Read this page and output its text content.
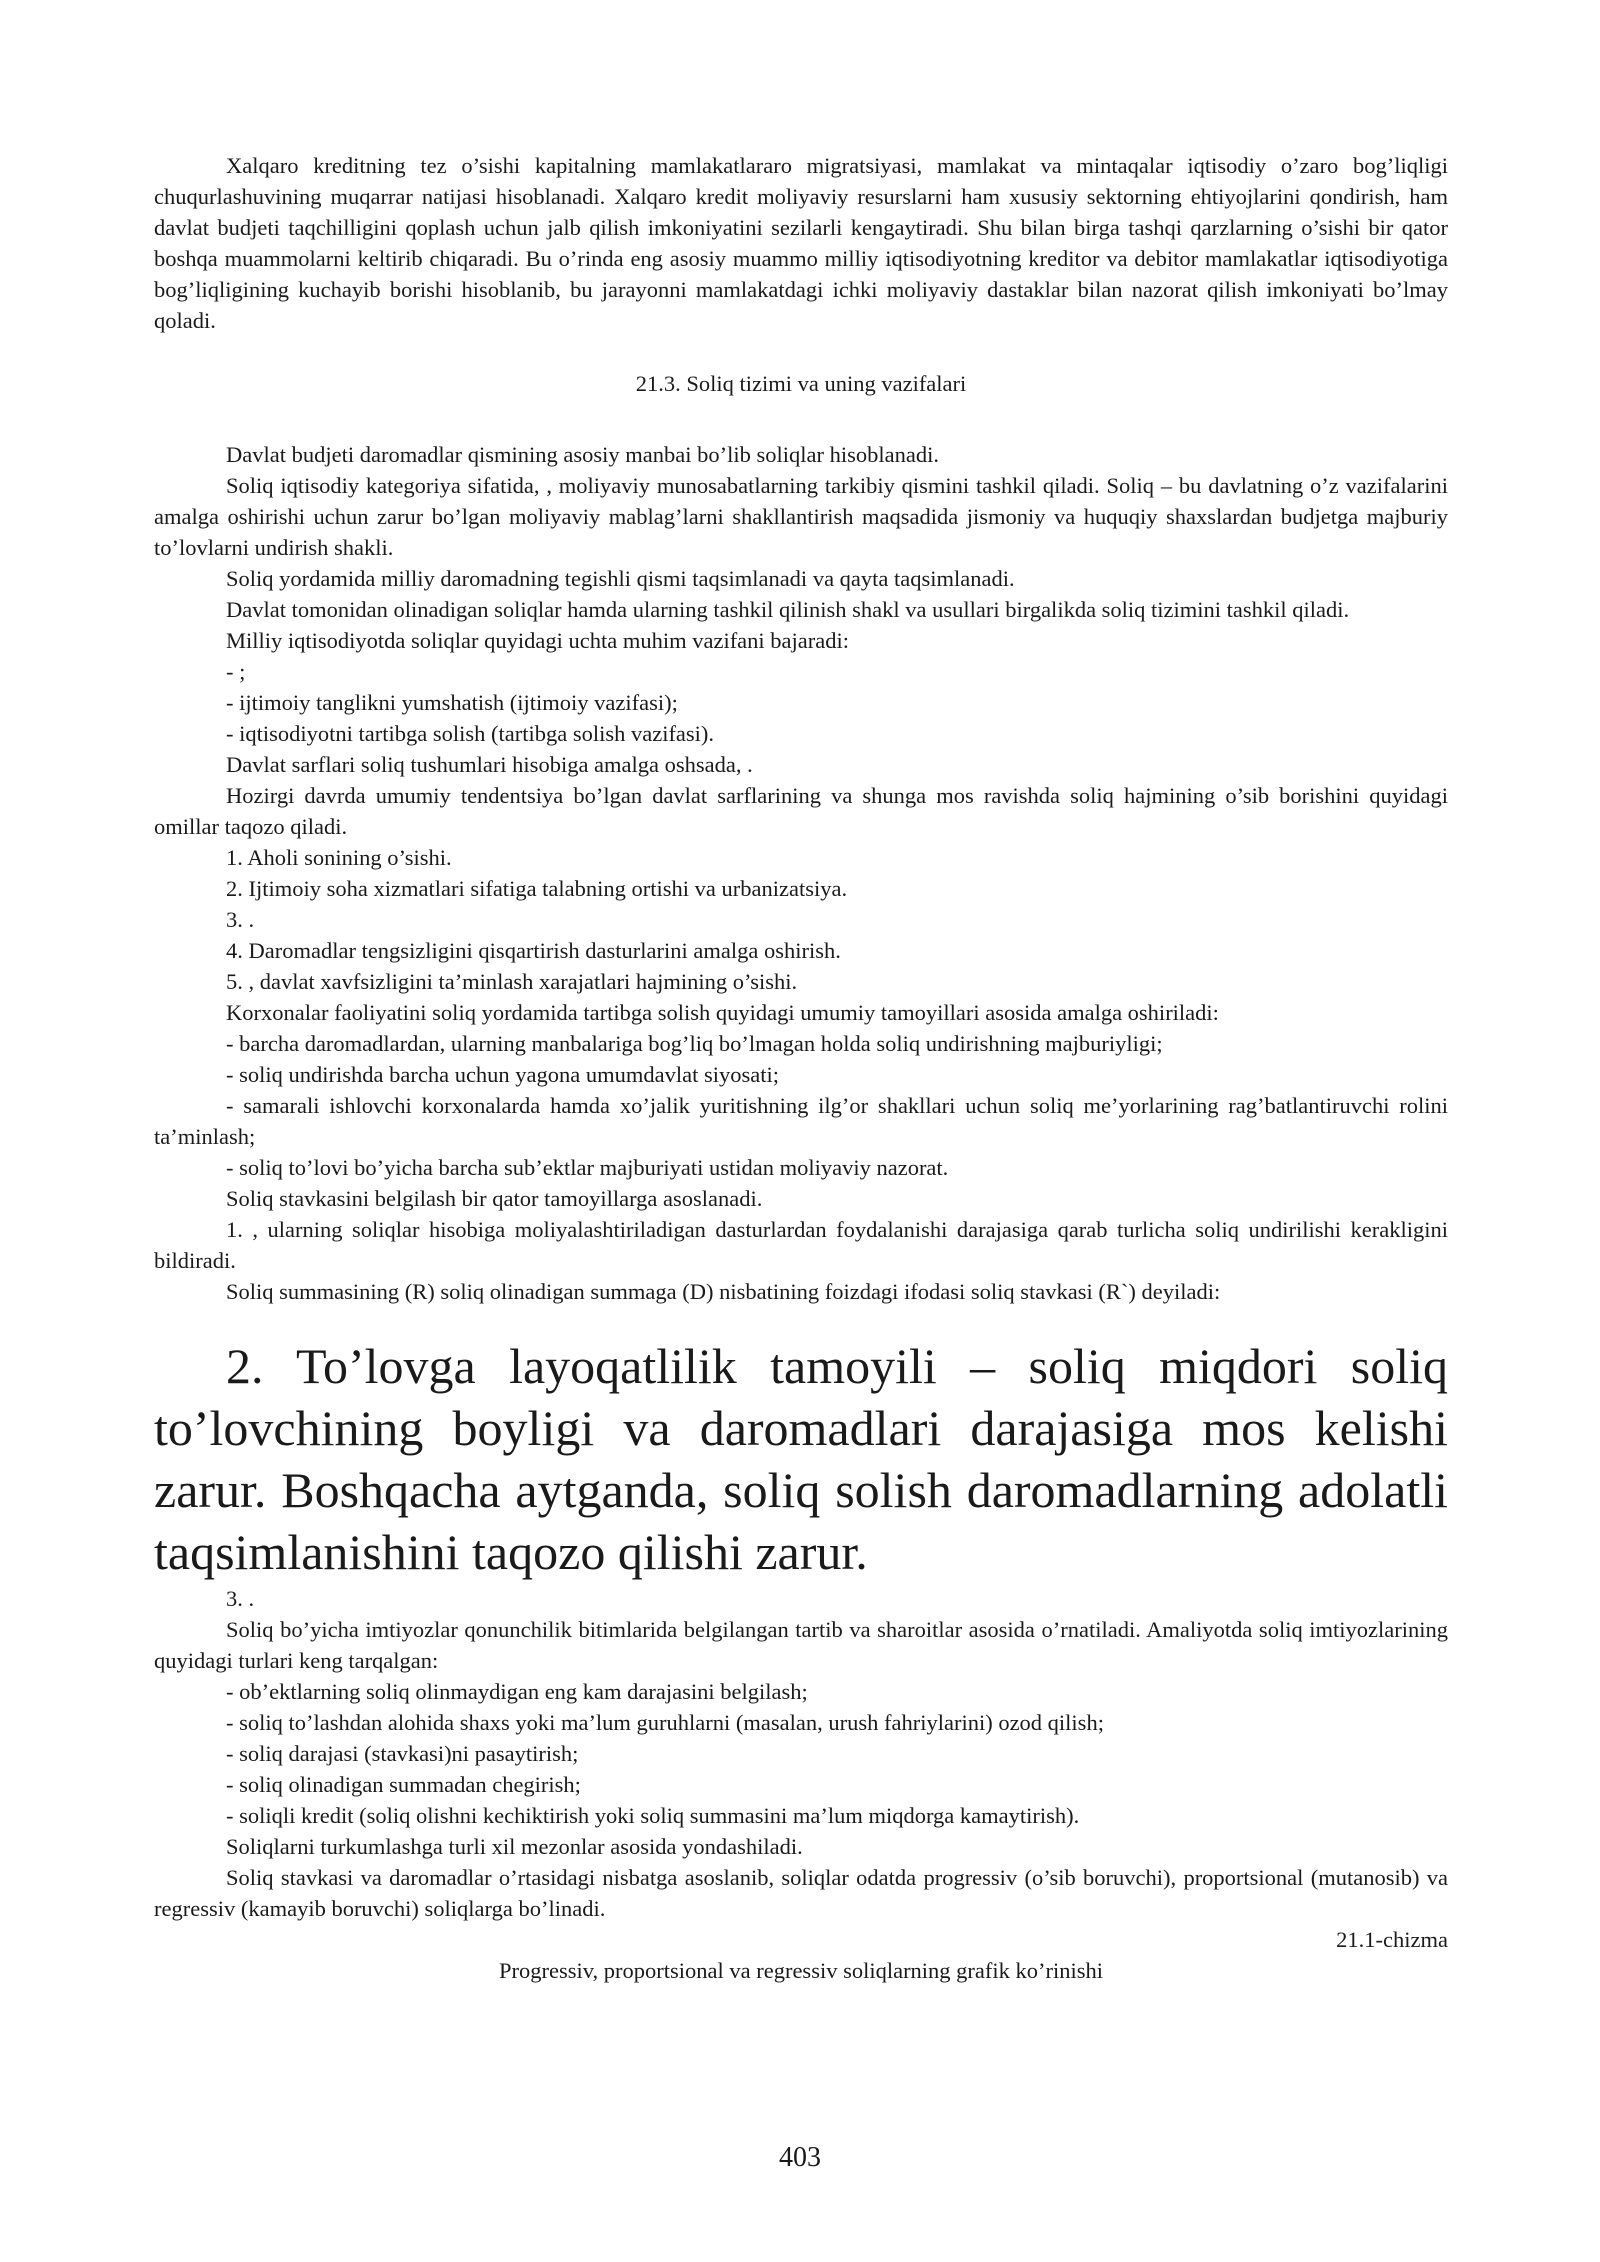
Xalqaro kreditning tez o’sishi kapitalning mamlakatlararo migratsiyasi, mamlakat va mintaqalar iqtisodiy o’zaro bog’liqligi chuqurlashuvining muqarrar natijasi hisoblanadi. Xalqaro kredit moliyaviy resurslarni ham xususiy sektorning ehtiyojlarini qondirish, ham davlat budjeti taqchilligini qoplash uchun jalb qilish imkoniyatini sezilarli kengaytiradi. Shu bilan birga tashqi qarzlarning o’sishi bir qator boshqa muammolarni keltirib chiqaradi. Bu o’rinda eng asosiy muammo milliy iqtisodiyotning kreditor va debitor mamlakatlar iqtisodiyotiga bog’liqligining kuchayib borishi hisoblanib, bu jarayonni mamlakatdagi ichki moliyaviy dastaklar bilan nazorat qilish imkoniyati bo’lmay qoladi.

21.3. Soliq tizimi va uning vazifalari

Davlat budjeti daromadlar qismining asosiy manbai bo’lib soliqlar hisoblanadi.

Soliq iqtisodiy kategoriya sifatida, , moliyaviy munosabatlarning tarkibiy qismini tashkil qiladi. Soliq – bu davlatning o’z vazifalarini amalga oshirishi uchun zarur bo’lgan moliyaviy mablag’larni shakllantirish maqsadida jismoniy va huquqiy shaxslardan budjetga majburiy to’lovlarni undirish shakli.

Soliq yordamida milliy daromadning tegishli qismi taqsimlanadi va qayta taqsimlanadi.

Davlat tomonidan olinadigan soliqlar hamda ularning tashkil qilinish shakl va usullari birgalikda soliq tizimini tashkil qiladi.

Milliy iqtisodiyotda soliqlar quyidagi uchta muhim vazifani bajaradi:

- ;

- ijtimoiy tanglikni yumshatish (ijtimoiy vazifasi);

- iqtisodiyotni tartibga solish (tartibga solish vazifasi).

Davlat sarflari soliq tushumlari hisobiga amalga oshsada, .

Hozirgi davrda umumiy tendentsiya bo’lgan davlat sarflarining va shunga mos ravishda soliq hajmining o’sib borishini quyidagi omillar taqozo qiladi.

1. Aholi sonining o’sishi.

2. Ijtimoiy soha xizmatlari sifatiga talabning ortishi va urbanizatsiya.

3. .

4. Daromadlar tengsizligini qisqartirish dasturlarini amalga oshirish.

5. , davlat xavfsizligini ta’minlash xarajatlari hajmining o’sishi.

Korxonalar faoliyatini soliq yordamida tartibga solish quyidagi umumiy tamoyillari asosida amalga oshiriladi:

- barcha daromadlardan, ularning manbalariga bog’liq bo’lmagan holda soliq undirishning majburiyligi;

- soliq undirishda barcha uchun yagona umumdavlat siyosati;

- samarali ishlovchi korxonalarda hamda xo’jalik yuritishning ilg’or shakllari uchun soliq me’yorlarining rag’batlantiruvchi rolini ta’minlash;

- soliq to’lovi bo’yicha barcha sub’ektlar majburiyati ustidan moliyaviy nazorat.

Soliq stavkasini belgilash bir qator tamoyillarga asoslanadi.

1. , ularning soliqlar hisobiga moliyalashtiriladigan dasturlardan foydalanishi darajasiga qarab turlicha soliq undirilishi kerakligini bildiradi.

Soliq summasining (R) soliq olinadigan summaga (D) nisbatining foizdagi ifodasi soliq stavkasi (R`) deyiladi:

2. To’lovga layoqatlilik tamoyili – soliq miqdori soliq to’lovchining boyligi va daromadlari darajasiga mos kelishi zarur. Boshqacha aytganda, soliq solish daromadlarning adolatli taqsimlanishini taqozo qilishi zarur.

3. .

Soliq bo’yicha imtiyozlar qonunchilik bitimlarida belgilangan tartib va sharoitlar asosida o’rnatiladi. Amaliyotda soliq imtiyozlarining quyidagi turlari keng tarqalgan:

- ob’ektlarning soliq olinmaydigan eng kam darajasini belgilash;

- soliq to’lashdan alohida shaxs yoki ma’lum guruhlarni (masalan, urush fahriylarini) ozod qilish;

- soliq darajasi (stavkasi)ni pasaytirish;

- soliq olinadigan summadan chegirish;

- soliqli kredit (soliq olishni kechiktirish yoki soliq summasini ma’lum miqdorga kamaytirish).

Soliqlarni turkumlashga turli xil mezonlar asosida yondashiladi.

Soliq stavkasi va daromadlar o’rtasidagi nisbatga asoslanib, soliqlar odatda progressiv (o’sib boruvchi), proportsional (mutanosib) va regressiv (kamayib boruvchi) soliqlarga bo’linadi.

21.1-chizma

Progressiv, proportsional va regressiv soliqlarning grafik ko’rinishi

403
